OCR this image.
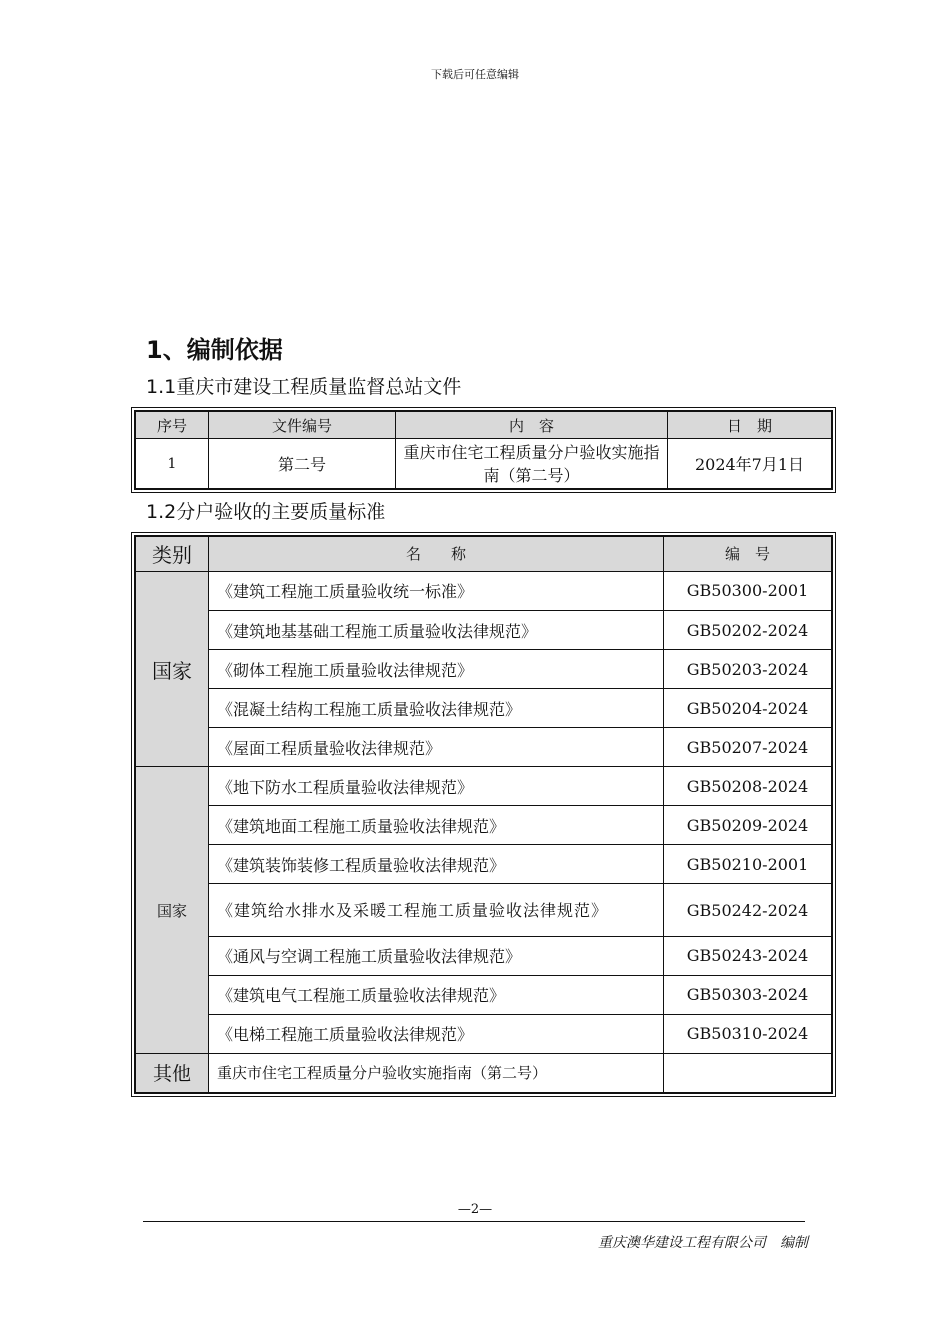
下载后可任意编辑
1、编制依据
1.1重庆市建设工程质量监督总站文件
序号	文件编号	内　容	日　期
1	第二号	重庆市住宅工程质量分户验收实施指南（第二号）	2024年7月1日
1.2分户验收的主要质量标准
类别	名　　称	编　号
国家	《建筑工程施工质量验收统一标准》	GB50300-2001
	《建筑地基基础工程施工质量验收法律规范》	GB50202-2024
	《砌体工程施工质量验收法律规范》	GB50203-2024
	《混凝土结构工程施工质量验收法律规范》	GB50204-2024
	《屋面工程质量验收法律规范》	GB50207-2024
国家	《地下防水工程质量验收法律规范》	GB50208-2024
	《建筑地面工程施工质量验收法律规范》	GB50209-2024
	《建筑装饰装修工程质量验收法律规范》	GB50210-2001
	《建筑给水排水及采暖工程施工质量验收法律规范》	GB50242-2024
	《通风与空调工程施工质量验收法律规范》	GB50243-2024
	《建筑电气工程施工质量验收法律规范》	GB50303-2024
	《电梯工程施工质量验收法律规范》	GB50310-2024
其他	重庆市住宅工程质量分户验收实施指南（第二号）	
—2—
重庆澳华建设工程有限公司　编制
